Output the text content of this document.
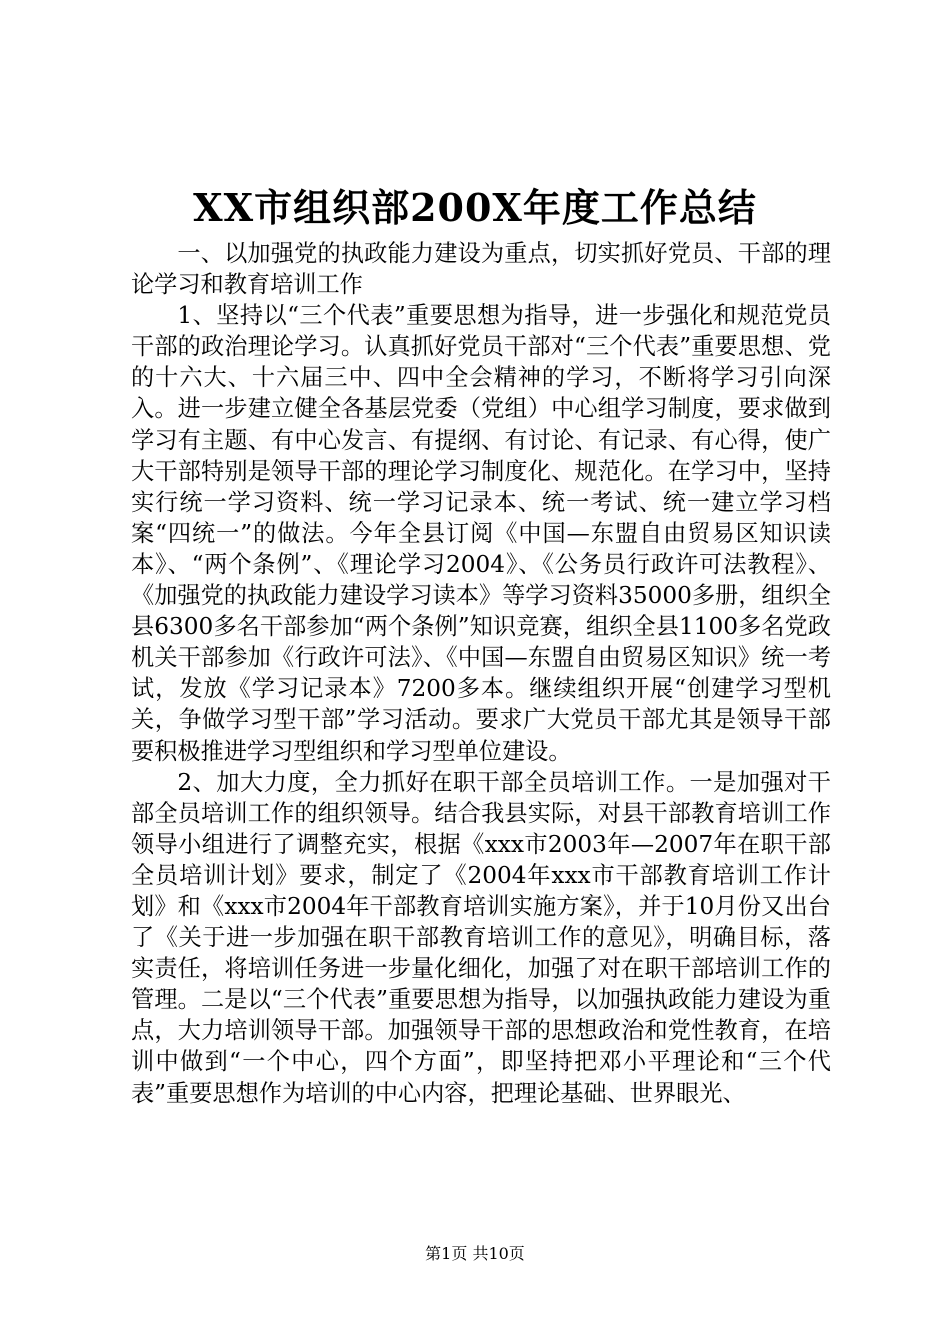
XX市组织部200X年度工作总结

一、以加强党的执政能力建设为重点，切实抓好党员、干部的理论学习和教育培训工作

1、坚持以“三个代表”重要思想为指导，进一步强化和规范党员干部的政治理论学习。认真抓好党员干部对“三个代表”重要思想、党的十六大、十六届三中、四中全会精神的学习，不断将学习引向深入。进一步建立健全各基层党委（党组）中心组学习制度，要求做到学习有主题、有中心发言、有提纲、有讨论、有记录、有心得，使广大干部特别是领导干部的理论学习制度化、规范化。在学习中，坚持实行统一学习资料、统一学习记录本、统一考试、统一建立学习档案“四统一”的做法。今年全县订阅《中国—东盟自由贸易区知识读本》、“两个条例”、《理论学习2004》、《公务员行政许可法教程》、《加强党的执政能力建设学习读本》等学习资料35000多册，组织全县6300多名干部参加“两个条例”知识竞赛，组织全县1100多名党政机关干部参加《行政许可法》、《中国—东盟自由贸易区知识》统一考试，发放《学习记录本》7200多本。继续组织开展“创建学习型机关，争做学习型干部”学习活动。要求广大党员干部尤其是领导干部要积极推进学习型组织和学习型单位建设。

2、加大力度，全力抓好在职干部全员培训工作。一是加强对干部全员培训工作的组织领导。结合我县实际，对县干部教育培训工作领导小组进行了调整充实，根据《xxx市2003年—2007年在职干部全员培训计划》要求，制定了《2004年xxx市干部教育培训工作计划》和《xxx市2004年干部教育培训实施方案》，并于10月份又出台了《关于进一步加强在职干部教育培训工作的意见》，明确目标，落实责任，将培训任务进一步量化细化，加强了对在职干部培训工作的管理。二是以“三个代表”重要思想为指导，以加强执政能力建设为重点，大力培训领导干部。加强领导干部的思想政治和党性教育，在培训中做到“一个中心，四个方面”，即坚持把邓小平理论和“三个代表”重要思想作为培训的中心内容，把理论基础、世界眼光、

第1页 共10页
